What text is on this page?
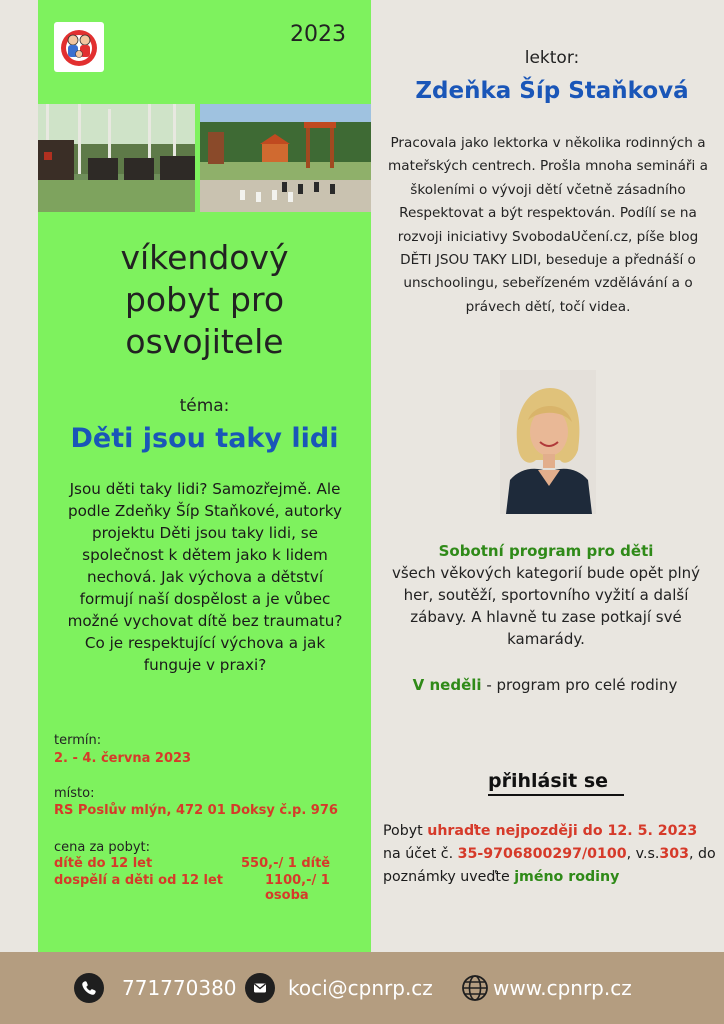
2023
víkendový
pobyt pro
osvojitele
téma:
Děti jsou taky lidi
Jsou děti taky lidi? Samozřejmě. Ale podle Zdeňky Šíp Staňkové, autorky projektu Děti jsou taky lidi, se společnost k dětem jako k lidem nechová. Jak výchova a dětství formují naší dospělost a je vůbec možné vychovat dítě bez traumatu? Co je respektující výchova a jak funguje v praxi?
termín:
2. - 4. června 2023
místo:
RS Poslův mlýn, 472 01 Doksy č.p. 976
cena za pobyt:
dítě do 12 let	550,-/ 1 dítě
dospělí a děti od 12 let	1100,-/ 1 osoba
lektor:
Zdeňka Šíp Staňková
Pracovala jako lektorka v několika rodinných a mateřských centrech. Prošla mnoha semináři a školeními o vývoji dětí včetně zásadního Respektovat a být respektován. Podílí se na rozvoji iniciativy SvobodaUčení.cz, píše blog DĚTI JSOU TAKY LIDI, beseduje a přednáší o unschoolingu, sebeřízeném vzdělávání a o právech dětí, točí videa.
Sobotní program pro děti
všech věkových kategorií bude opět plný her, soutěží, sportovního vyžití a další zábavy. A hlavně tu zase potkají své kamarády.
V neděli - program pro celé rodiny
přihlásit se
Pobyt uhraďte nejpozději do 12. 5. 2023 na účet č. 35-9706800297/0100, v.s.303, do poznámky uveďte jméno rodiny
771770380	koci@cpnrp.cz	www.cpnrp.cz
